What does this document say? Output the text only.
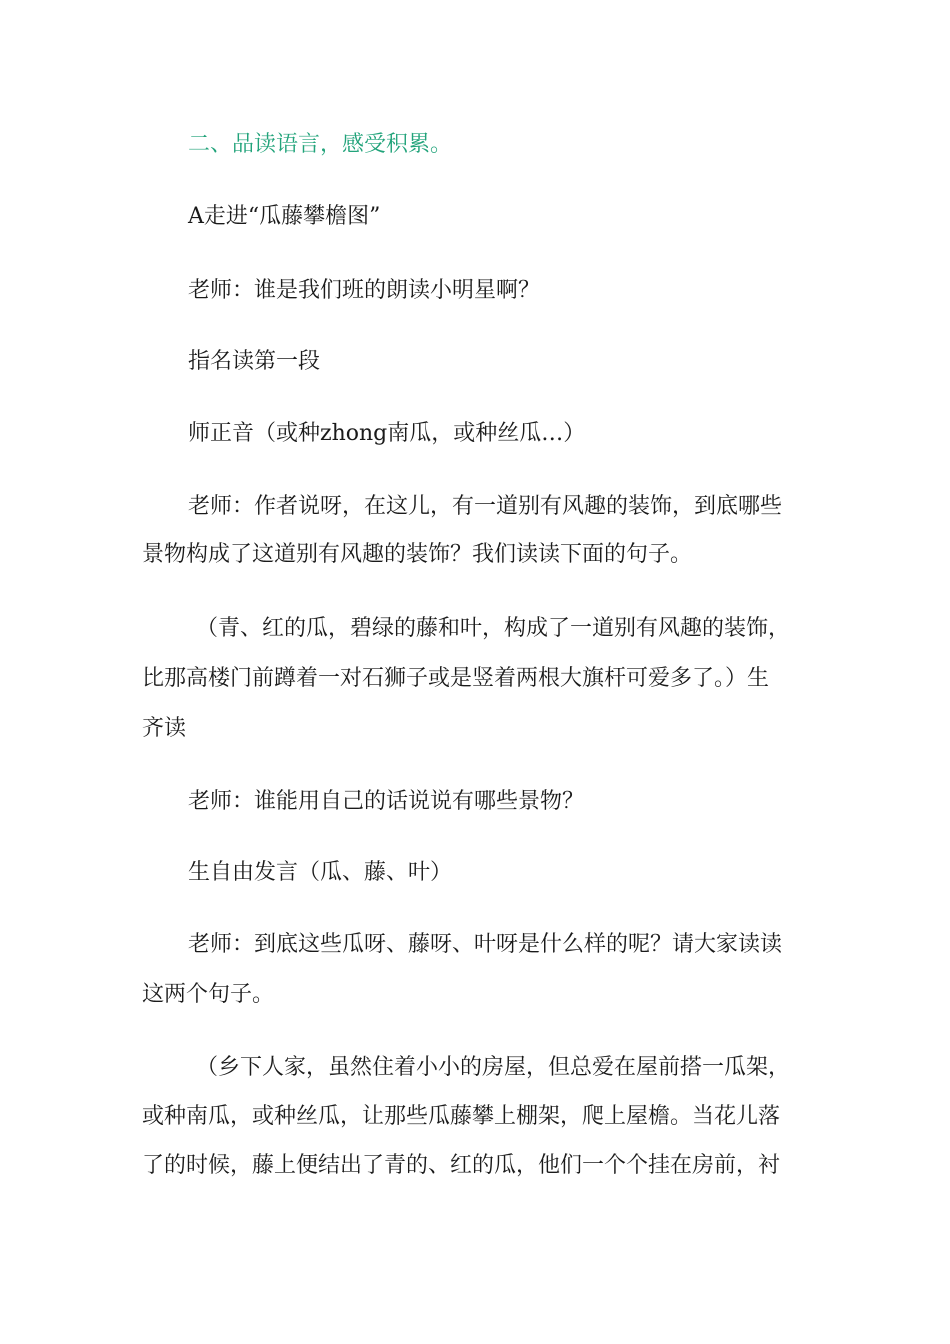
二、品读语言，感受积累。
A走进“瓜藤攀檐图”
老师：谁是我们班的朗读小明星啊？
指名读第一段
师正音（或种zhong南瓜，或种丝瓜…）
老师：作者说呀，在这儿，有一道别有风趣的装饰，到底哪些
景物构成了这道别有风趣的装饰？我们读读下面的句子。
（青、红的瓜，碧绿的藤和叶，构成了一道别有风趣的装饰，
比那高楼门前蹲着一对石狮子或是竖着两根大旗杆可爱多了。）生
齐读
老师：谁能用自己的话说说有哪些景物？
生自由发言（瓜、藤、叶）
老师：到底这些瓜呀、藤呀、叶呀是什么样的呢？请大家读读
这两个句子。
（乡下人家，虽然住着小小的房屋，但总爱在屋前搭一瓜架，
或种南瓜，或种丝瓜，让那些瓜藤攀上棚架，爬上屋檐。当花儿落
了的时候，藤上便结出了青的、红的瓜，他们一个个挂在房前，衬
